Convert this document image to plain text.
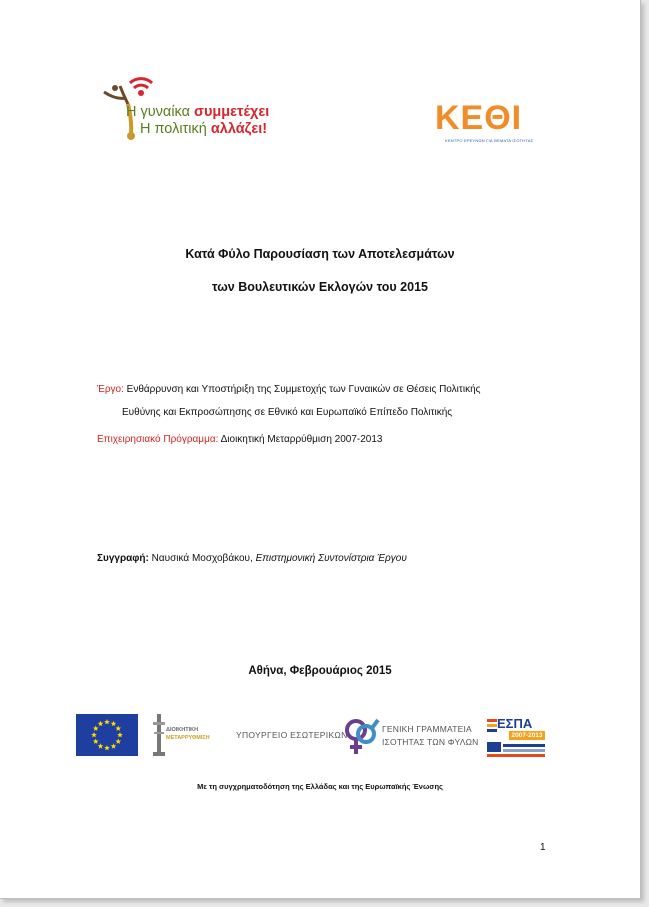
Η γυναίκα συμμετέχει
Η πολιτική αλλάζει!	ΚΕΘΙ
ΚΕΝΤΡΟ ΕΡΕΥΝΩΝ ΓΙΑ ΘΕΜΑΤΑ ΙΣΟΤΗΤΑΣ
Κατά Φύλο Παρουσίαση των Αποτελεσμάτων
των Βουλευτικών Εκλογών του 2015
Έργο: Ενθάρρυνση και Υποστήριξη της Συμμετοχής των Γυναικών σε Θέσεις Πολιτικής
Ευθύνης και Εκπροσώπησης σε Εθνικό και Ευρωπαϊκό Επίπεδο Πολιτικής
Επιχειρησιακό Πρόγραμμα: Διοικητική Μεταρρύθμιση 2007-2013
Συγγραφή: Ναυσικά Μοσχοβάκου, Επιστημονική Συντονίστρια Έργου
Αθήνα, Φεβρουάριος 2015
ΔΙΟΙΚΗΤΙΚΗ
ΜΕΤΑΡΡΥΘΜΙΣΗ	ΥΠΟΥΡΓΕΙΟ ΕΣΩΤΕΡΙΚΩΝ
ΓΕΝΙΚΗ ΓΡΑΜΜΑΤΕΙΑ
ΙΣΟΤΗΤΑΣ ΤΩΝ ΦΥΛΩΝ
ΕΣΠΑ
2007-2013
Με τη συγχρηματοδότηση της Ελλάδας και της Ευρωπαϊκής Ένωσης
1
